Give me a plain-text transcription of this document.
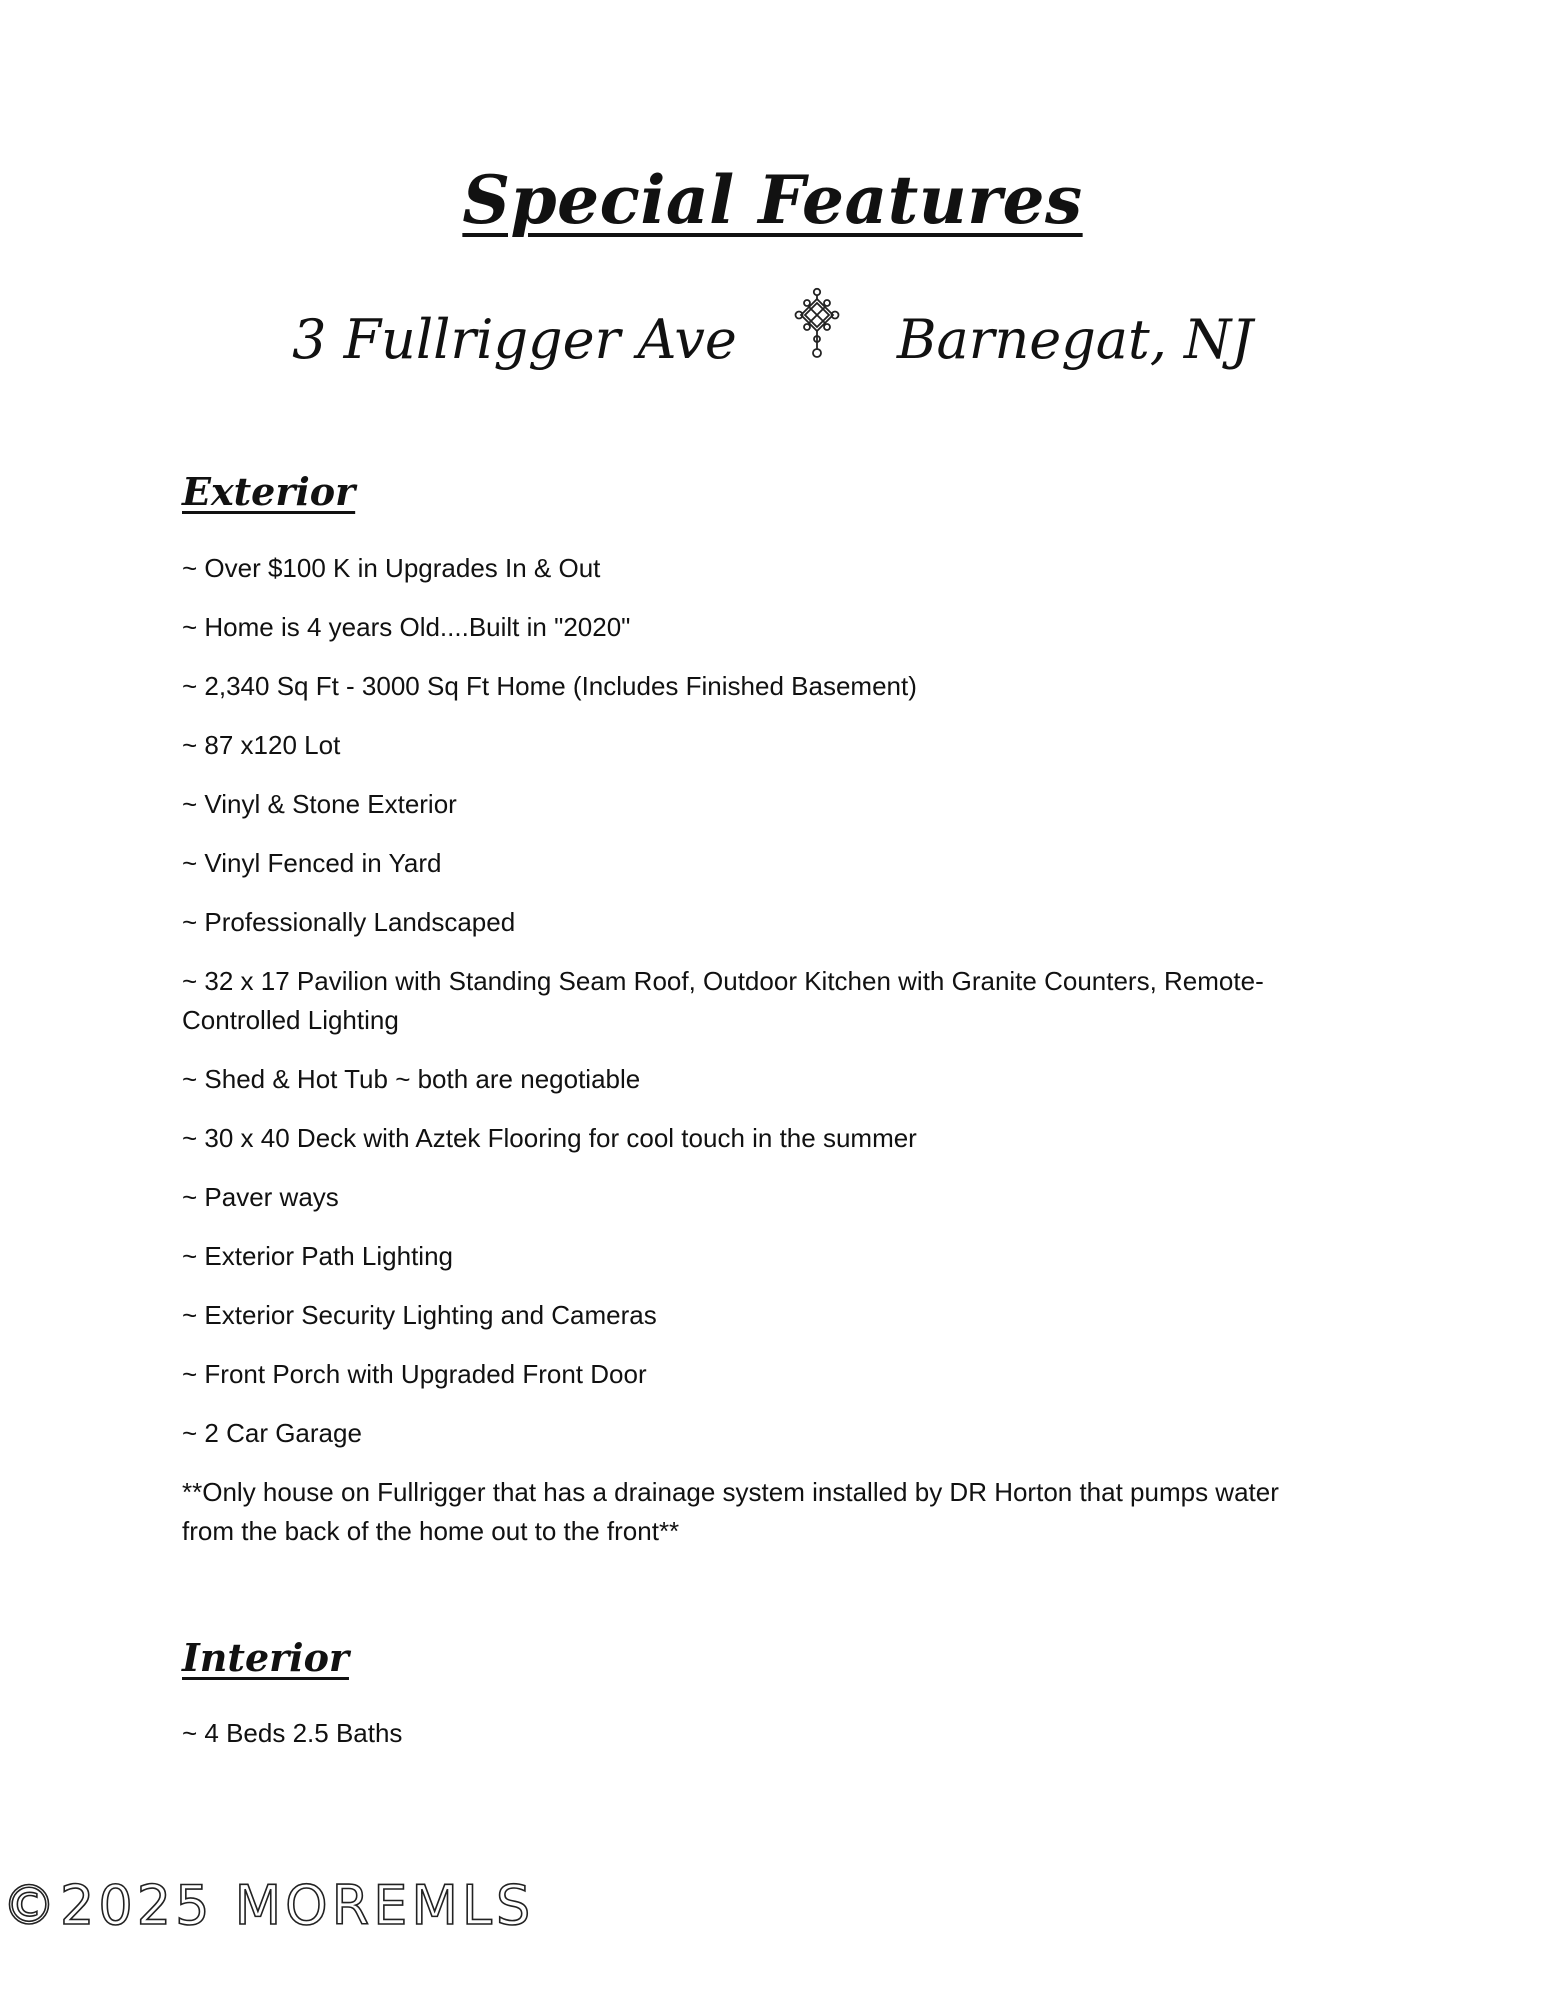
Special Features
3 Fullrigger Ave	Barnegat, NJ
Exterior
~ Over $100 K in Upgrades In & Out
~ Home is 4 years Old....Built in "2020"
~ 2,340 Sq Ft - 3000 Sq Ft Home (Includes Finished Basement)
~ 87 x120 Lot
~ Vinyl & Stone Exterior
~ Vinyl Fenced in Yard
~ Professionally Landscaped
~ 32 x 17 Pavilion with Standing Seam Roof, Outdoor Kitchen with Granite Counters, Remote-Controlled Lighting
~ Shed & Hot Tub ~ both are negotiable
~ 30 x 40 Deck with Aztek Flooring for cool touch in the summer
~ Paver ways
~ Exterior Path Lighting
~ Exterior Security Lighting and Cameras
~ Front Porch with Upgraded Front Door
~ 2 Car Garage
**Only house on Fullrigger that has a drainage system installed by DR Horton that pumps water from the back of the home out to the front**
Interior
~ 4 Beds 2.5 Baths
©2025 MOREMLS
